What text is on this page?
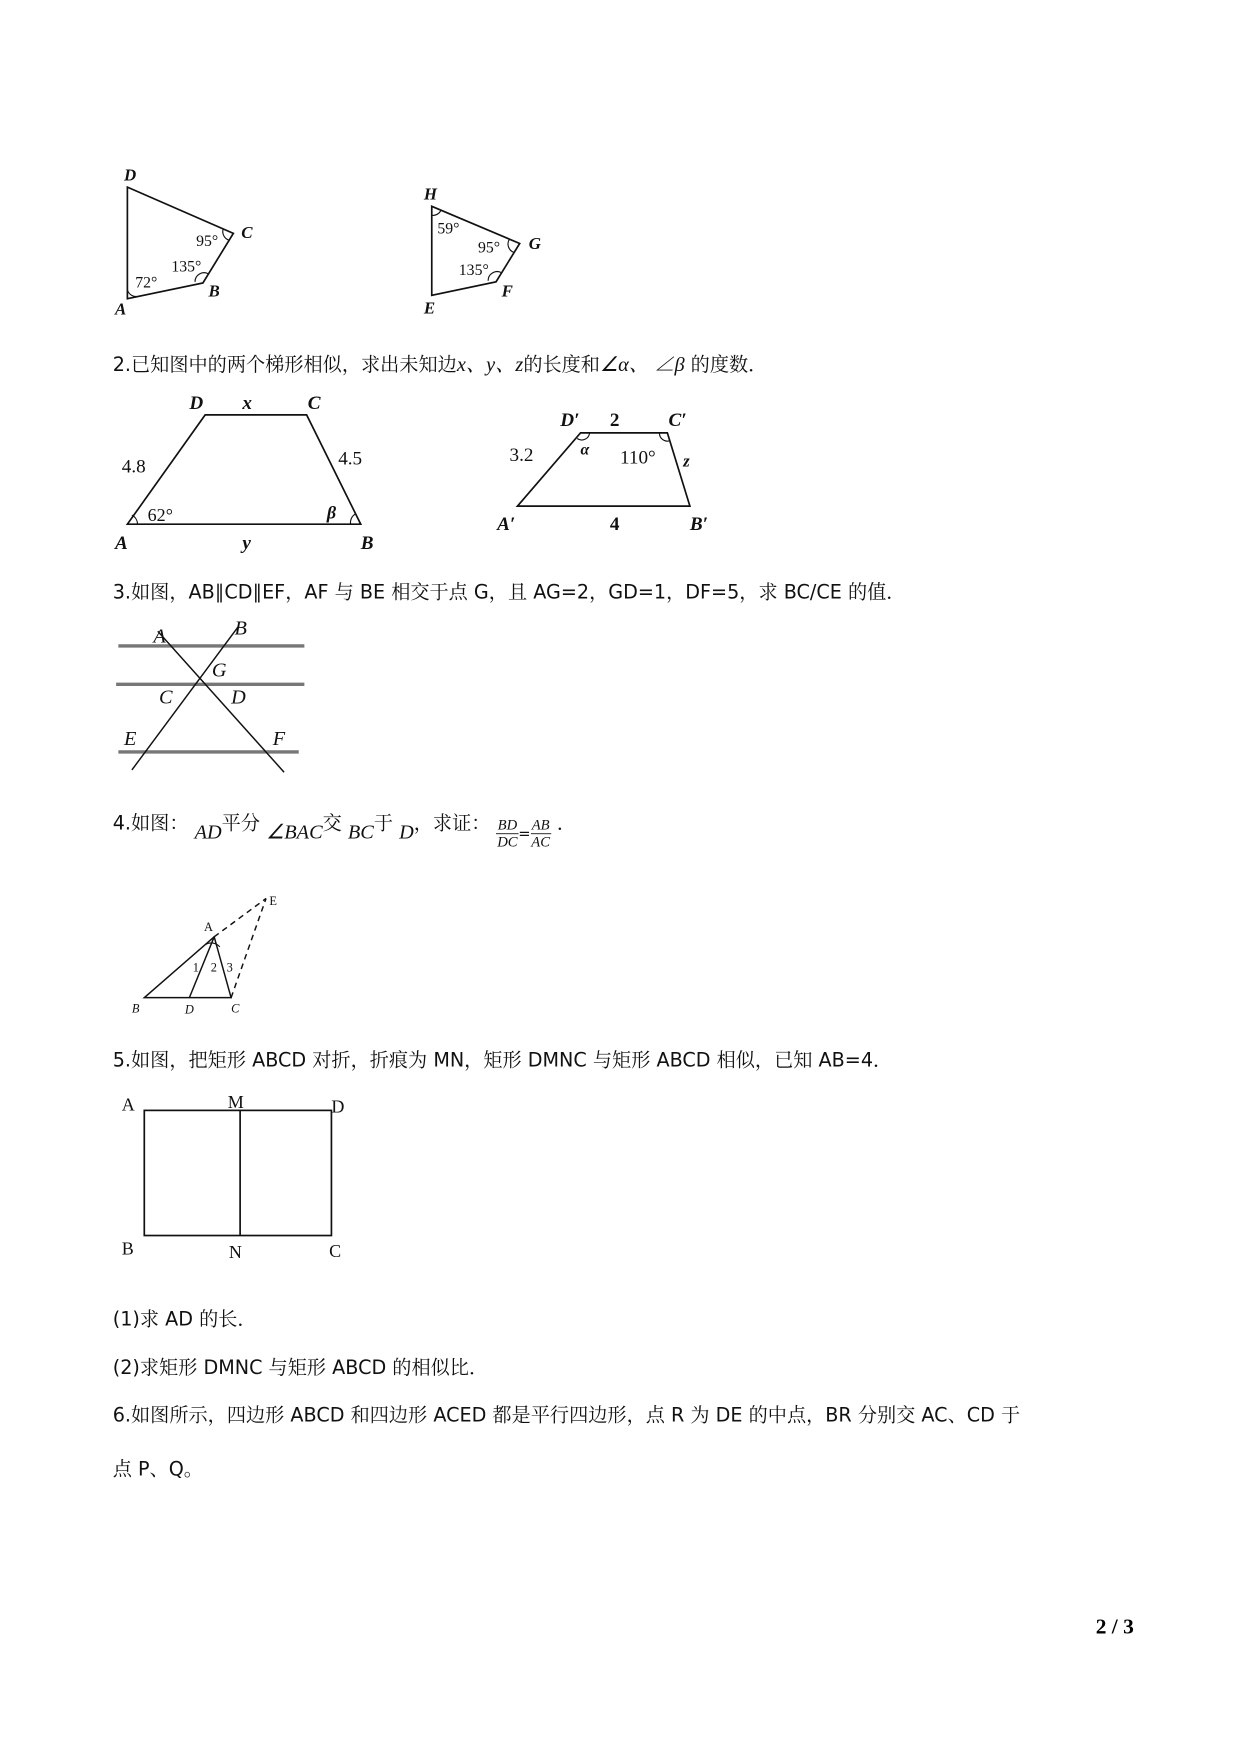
D
C
B
A
95°
135°
72°
H
G
F
E
59°
95°
135°
D x	C
4.8	4.5
62°	β
A	y	B
D′ 2	C′
3.2	α 110° z
A′	4	B′
A	B
G
C	D
E	F
A
E
B	D	C
1 2 3
A	M	D
B	N	C
2.已知图中的两个梯形相似，求出未知边x、y、z的长度和∠α、 ∠β 的度数．
3.如图，AB∥CD∥EF，AF 与 BE 相交于点 G，且 AG=2，GD=1，DF=5，求 BC/CE 的值．
4.如图： AD平分 ∠BAC交 BC于 D，求证： $\frac{BD}{DC} _= \frac{AB}{AC}$ ．
5.如图，把矩形 ABCD 对折，折痕为 MN，矩形 DMNC 与矩形 ABCD 相似，已知 AB=4．
(1)求 AD 的长．
(2)求矩形 DMNC 与矩形 ABCD 的相似比．
6.如图所示，四边形 ABCD 和四边形 ACED 都是平行四边形，点 R 为 DE 的中点，BR 分别交 AC、CD 于
点 P、Q。
2 / 3
